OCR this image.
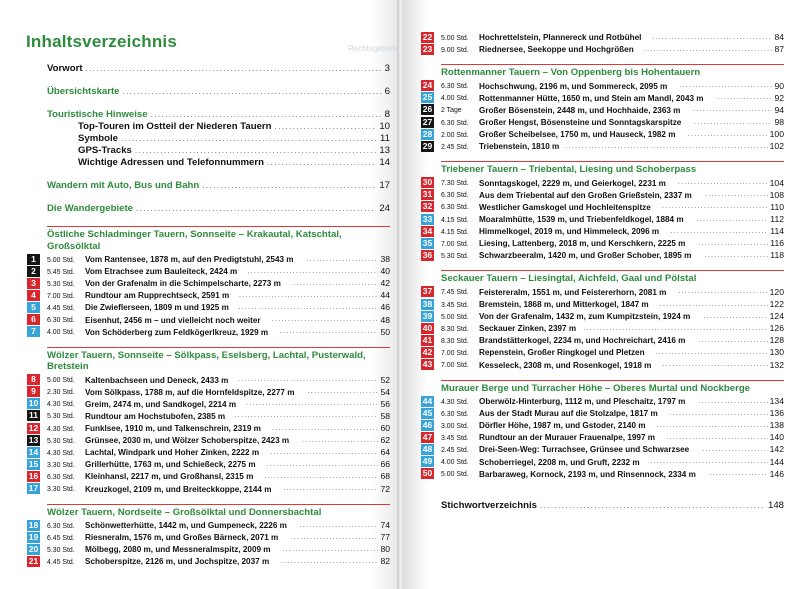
Inhaltsverzeichnis
Vorwort .....	3
Übersichtskarte .....	6
Touristische Hinweise .....	8
Top-Touren im Ostteil der Niederen Tauern .....	10
Symbole .....	11
GPS-Tracks .....	13
Wichtige Adressen und Telefonnummern .....	14
Wandern mit Auto, Bus und Bahn .....	17
Die Wandergebiete .....	24
Östliche Schladminger Tauern, Sonnseite – Krakautal, Katschtal, Großsölktal
1	5.00 Std.	Vom Rantensee, 1878 m, auf den Predigtstuhl, 2543 m .....	38
2	5.45 Std.	Vom Etrachsee zum Bauleiteck, 2424 m .....	40
3	5.30 Std.	Von der Grafenalm in die Schimpelscharte, 2273 m .....	42
4	7.00 Std.	Rundtour am Rupprechtseck, 2591 m .....	44
5	4.45 Std.	Die Zwieflerseen, 1809 m und 1925 m .....	46
6	6.30 Std.	Eisenhut, 2456 m – und vielleicht noch weiter .....	48
7	4.00 Std.	Von Schöderberg zum Feldkögerlkreuz, 1929 m .....	50
Wölzer Tauern, Sonnseite – Sölkpass, Eselsberg, Lachtal, Pusterwald, Bretstein
8	5.00 Std.	Kaltenbachseen und Deneck, 2433 m .....	52
9	2.30 Std.	Vom Sölkpass, 1788 m, auf die Hornfeldspitze, 2277 m .....	54
10 4.30 Std.	Greim, 2474 m, und Sandkogel, 2214 m .....	56
11 5.30 Std.	Rundtour am Hochstubofen, 2385 m .....	58
12 4.30 Std.	Funklsee, 1910 m, und Talkenschrein, 2319 m .....	60
13 5.30 Std.	Grünsee, 2030 m, und Wölzer Schoberspitze, 2423 m .....	62
14 4.30 Std.	Lachtal, Windpark und Hoher Zinken, 2222 m .....	64
15 3.30 Std.	Grillerhütte, 1763 m, und Schießeck, 2275 m .....	66
16 6.30 Std.	Kleinhansl, 2217 m, und Großhansl, 2315 m .....	68
17 3.30 Std.	Kreuzkogel, 2109 m, und Breiteckkoppe, 2144 m .....	72
Wölzer Tauern, Nordseite – Großsölktal und Donnersbachtal
18 6.30 Std.	Schönwetterhütte, 1442 m, und Gumpeneck, 2226 m .....	74
19 6.45 Std.	Riesneralm, 1576 m, und Großes Bärneck, 2071 m .....	77
20 5.30 Std.	Mölbegg, 2080 m, und Messneralmspitz, 2009 m .....	80
21 4.45 Std.	Schoberspitze, 2126 m, und Jochspitze, 2037 m .....	82
Rechtsgebiete
22 5.00 Std.	Hochrettelstein, Plannereck und Rotbühel .....	84
23 9.00 Std.	Riednersee, Seekoppe und Hochgrößen .....	87
Rottenmanner Tauern – Von Oppenberg bis Hohentauern
24 6.30 Std.	Hochschwung, 2196 m, und Sommereck, 2095 m .....	90
25 4.00 Std.	Rottenmanner Hütte, 1650 m, und Stein am Mandl, 2043 m .....	92
26 2 Tage	Großer Bösenstein, 2448 m, und Hochhaide, 2363 m .....	94
27 6.30 Std.	Großer Hengst, Bösensteine und Sonntagskarspitze .....	98
28 2.00 Std.	Großer Scheibelsee, 1750 m, und Hauseck, 1982 m .....	100
29 2.45 Std.	Triebenstein, 1810 m .....	102
Triebener Tauern – Triebental, Liesing und Schoberpass
30 7.30 Std.	Sonntagskogel, 2229 m, und Geierkogel, 2231 m .....	104
31 6.30 Std.	Aus dem Triebental auf den Großen Grießstein, 2337 m .....	108
32 6.30 Std.	Westlicher Gamskogel und Hochleitenspitze .....	110
33 4.15 Std.	Moaralmhütte, 1539 m, und Triebenfeldkogel, 1884 m .....	112
34 4.15 Std.	Himmelkogel, 2019 m, und Himmeleck, 2096 m .....	114
35 7.00 Std.	Liesing, Lattenberg, 2018 m, und Kerschkern, 2225 m .....	116
36 5.30 Std.	Schwarzbeeralm, 1420 m, und Großer Schober, 1895 m .....	118
Seckauer Tauern – Liesingtal, Aichfeld, Gaal und Pölstal
37 7.45 Std.	Feistereralm, 1551 m, und Feistererhorn, 2081 m .....	120
38 3.45 Std.	Bremstein, 1868 m, und Mitterkogel, 1847 m .....	122
39 5.00 Std.	Von der Grafenalm, 1432 m, zum Kumpitzstein, 1924 m .....	124
40 8.30 Std.	Seckauer Zinken, 2397 m .....	126
41 8.30 Std.	Brandstätterkogel, 2234 m, und Hochreichart, 2416 m .....	128
42 7.00 Std.	Repenstein, Großer Ringkogel und Pletzen .....	130
43 7.00 Std.	Kesseleck, 2308 m, und Rosenkogel, 1918 m .....	132
Murauer Berge und Turracher Höhe – Oberes Murtal und Nockberge
44 4.30 Std.	Oberwölz-Hinterburg, 1112 m, und Pleschaitz, 1797 m .....	134
45 6.30 Std.	Aus der Stadt Murau auf die Stolzalpe, 1817 m .....	136
46 3.00 Std.	Dörfler Höhe, 1987 m, und Gstoder, 2140 m .....	138
47 3.45 Std.	Rundtour an der Murauer Frauenalpe, 1997 m .....	140
48 2.45 Std.	Drei-Seen-Weg: Turrachsee, Grünsee und Schwarzsee .....	142
49 4.00 Std.	Schoberriegel, 2208 m, und Gruft, 2232 m .....	144
50 5.00 Std.	Barbaraweg, Kornock, 2193 m, und Rinsennock, 2334 m .....	146
Stichwortverzeichnis .....	148
